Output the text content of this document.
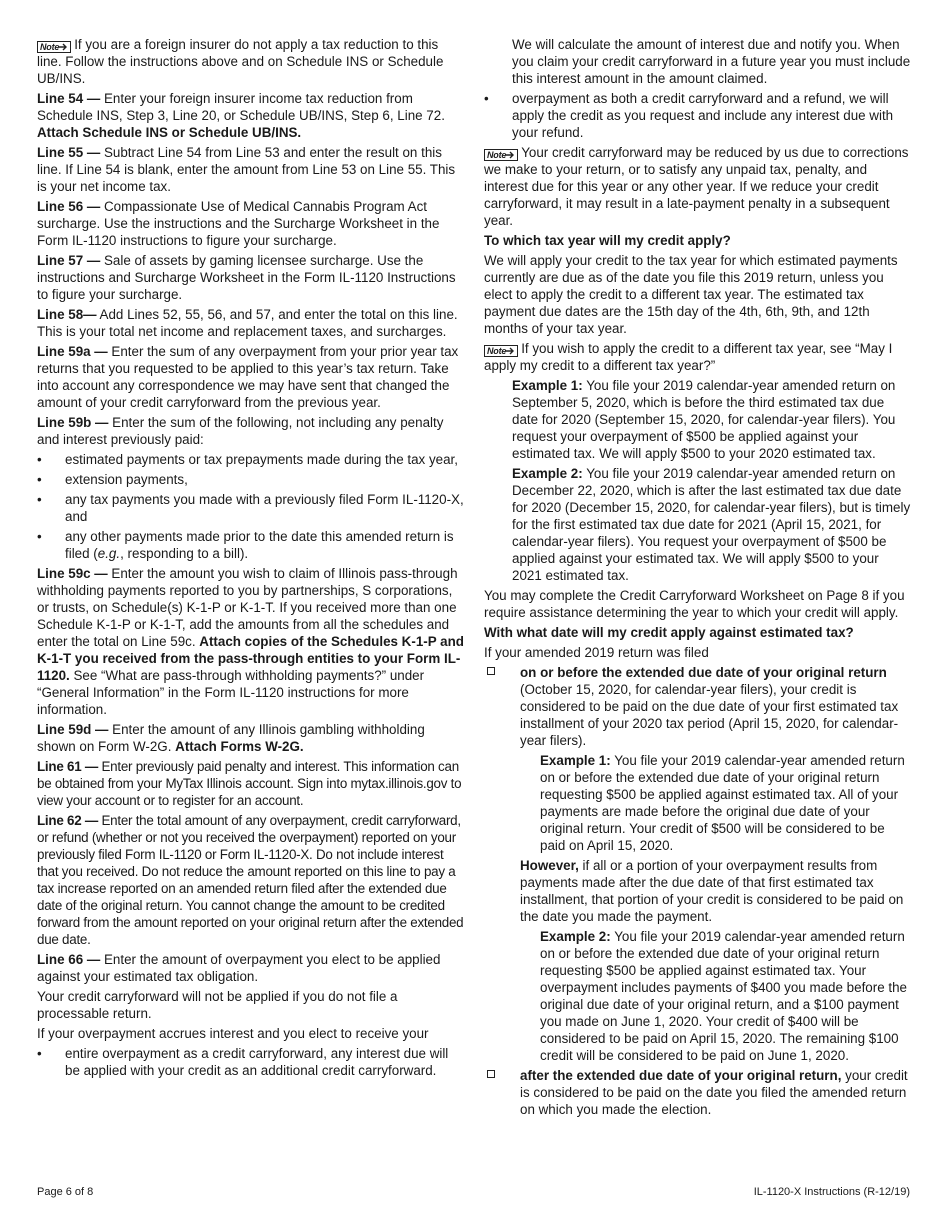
Note If you are a foreign insurer do not apply a tax reduction to this line. Follow the instructions above and on Schedule INS or Schedule UB/INS.

Line 54 — Enter your foreign insurer income tax reduction from Schedule INS, Step 3, Line 20, or Schedule UB/INS, Step 6, Line 72. Attach Schedule INS or Schedule UB/INS.

Line 55 — Subtract Line 54 from Line 53 and enter the result on this line. If Line 54 is blank, enter the amount from Line 53 on Line 55. This is your net income tax.

Line 56 — Compassionate Use of Medical Cannabis Program Act surcharge. Use the instructions and the Surcharge Worksheet in the Form IL-1120 instructions to figure your surcharge.

Line 57 — Sale of assets by gaming licensee surcharge. Use the instructions and Surcharge Worksheet in the Form IL-1120 Instructions to figure your surcharge.

Line 58— Add Lines 52, 55, 56, and 57, and enter the total on this line. This is your total net income and replacement taxes, and surcharges.

Line 59a — Enter the sum of any overpayment from your prior year tax returns that you requested to be applied to this year’s tax return. Take into account any correspondence we may have sent that changed the amount of your credit carryforward from the previous year.

Line 59b — Enter the sum of the following, not including any penalty and interest previously paid:

• estimated payments or tax prepayments made during the tax year,
• extension payments,
• any tax payments you made with a previously filed Form IL-1120-X, and
• any other payments made prior to the date this amended return is filed (e.g., responding to a bill).

Line 59c — Enter the amount you wish to claim of Illinois pass-through withholding payments reported to you by partnerships, S corporations, or trusts, on Schedule(s) K-1-P or K-1-T. If you received more than one Schedule K-1-P or K-1-T, add the amounts from all the schedules and enter the total on Line 59c. Attach copies of the Schedules K-1-P and K-1-T you received from the pass-through entities to your Form IL-1120. See “What are pass-through withholding payments?” under “General Information” in the Form IL-1120 instructions for more information.

Line 59d — Enter the amount of any Illinois gambling withholding shown on Form W-2G. Attach Forms W-2G.

Line 61 — Enter previously paid penalty and interest. This information can be obtained from your MyTax Illinois account. Sign into mytax.illinois.gov to view your account or to register for an account.

Line 62 — Enter the total amount of any overpayment, credit carryforward, or refund (whether or not you received the overpayment) reported on your previously filed Form IL-1120 or Form IL-1120-X. Do not include interest that you received. Do not reduce the amount reported on this line to pay a tax increase reported on an amended return filed after the extended due date of the original return. You cannot change the amount to be credited forward from the amount reported on your original return after the extended due date.

Line 66 — Enter the amount of overpayment you elect to be applied against your estimated tax obligation.

Your credit carryforward will not be applied if you do not file a processable return.

If your overpayment accrues interest and you elect to receive your

• entire overpayment as a credit carryforward, any interest due will be applied with your credit as an additional credit carryforward.

We will calculate the amount of interest due and notify you. When you claim your credit carryforward in a future year you must include this interest amount in the amount claimed.

• overpayment as both a credit carryforward and a refund, we will apply the credit as you request and include any interest due with your refund.

Note Your credit carryforward may be reduced by us due to corrections we make to your return, or to satisfy any unpaid tax, penalty, and interest due for this year or any other year. If we reduce your credit carryforward, it may result in a late-payment penalty in a subsequent year.

To which tax year will my credit apply?

We will apply your credit to the tax year for which estimated payments currently are due as of the date you file this 2019 return, unless you elect to apply the credit to a different tax year. The estimated tax payment due dates are the 15th day of the 4th, 6th, 9th, and 12th months of your tax year.

Note If you wish to apply the credit to a different tax year, see “May I apply my credit to a different tax year?”

Example 1: You file your 2019 calendar-year amended return on September 5, 2020, which is before the third estimated tax due date for 2020 (September 15, 2020, for calendar-year filers). You request your overpayment of $500 be applied against your estimated tax. We will apply $500 to your 2020 estimated tax.

Example 2: You file your 2019 calendar-year amended return on December 22, 2020, which is after the last estimated tax due date for 2020 (December 15, 2020, for calendar-year filers), but is timely for the first estimated tax due date for 2021 (April 15, 2021, for calendar-year filers). You request your overpayment of $500 be applied against your estimated tax. We will apply $500 to your 2021 estimated tax.

You may complete the Credit Carryforward Worksheet on Page 8 if you require assistance determining the year to which your credit will apply.

With what date will my credit apply against estimated tax?

If your amended 2019 return was filed

on or before the extended due date of your original return (October 15, 2020, for calendar-year filers), your credit is considered to be paid on the due date of your first estimated tax installment of your 2020 tax period (April 15, 2020, for calendar-year filers).

Example 1: You file your 2019 calendar-year amended return on or before the extended due date of your original return requesting $500 be applied against estimated tax. All of your payments are made before the original due date of your original return. Your credit of $500 will be considered to be paid on April 15, 2020.

However, if all or a portion of your overpayment results from payments made after the due date of that first estimated tax installment, that portion of your credit is considered to be paid on the date you made the payment.

Example 2: You file your 2019 calendar-year amended return on or before the extended due date of your original return requesting $500 be applied against estimated tax. Your overpayment includes payments of $400 you made before the original due date of your original return, and a $100 payment you made on June 1, 2020. Your credit of $400 will be considered to be paid on April 15, 2020. The remaining $100 credit will be considered to be paid on June 1, 2020.

after the extended due date of your original return, your credit is considered to be paid on the date you filed the amended return on which you made the election.
Page 6 of 8	IL-1120-X Instructions (R-12/19)
